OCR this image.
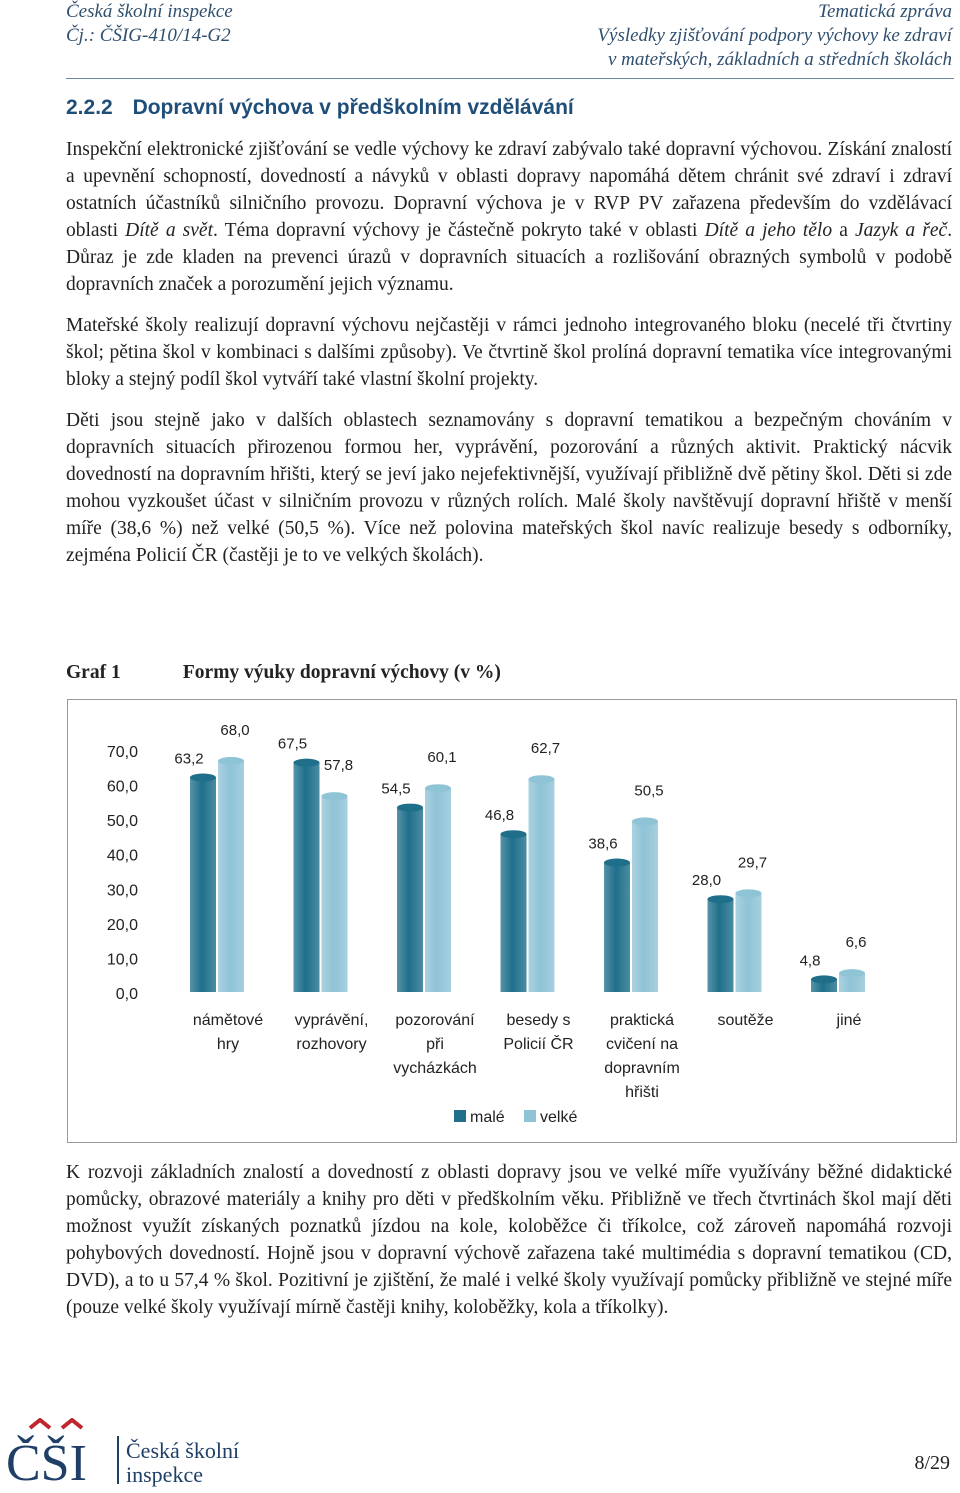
Česká školní inspekce
Čj.: ČŠIG-410/14-G2
Tematická zpráva
Výsledky zjišťování podpory výchovy ke zdraví
v mateřských, základních a středních školách
2.2.2 Dopravní výchova v předškolním vzdělávání

Inspekční elektronické zjišťování se vedle výchovy ke zdraví zabývalo také dopravní výchovou. Získání znalostí a upevnění schopností, dovedností a návyků v oblasti dopravy napomáhá dětem chránit své zdraví i zdraví ostatních účastníků silničního provozu. Dopravní výchova je v RVP PV zařazena především do vzdělávací oblasti Dítě a svět. Téma dopravní výchovy je částečně pokryto také v oblasti Dítě a jeho tělo a Jazyk a řeč. Důraz je zde kladen na prevenci úrazů v dopravních situacích a rozlišování obrazných symbolů v podobě dopravních značek a porozumění jejich významu.

Mateřské školy realizují dopravní výchovu nejčastěji v rámci jednoho integrovaného bloku (necelé tři čtvrtiny škol; pětina škol v kombinaci s dalšími způsoby). Ve čtvrtině škol prolíná dopravní tematika více integrovanými bloky a stejný podíl škol vytváří také vlastní školní projekty.

Děti jsou stejně jako v dalších oblastech seznamovány s dopravní tematikou a bezpečným chováním v dopravních situacích přirozenou formou her, vyprávění, pozorování a různých aktivit. Praktický nácvik dovedností na dopravním hřišti, který se jeví jako nejefektivnější, využívají přibližně dvě pětiny škol. Děti si zde mohou vyzkoušet účast v silničním provozu v různých rolích. Malé školy navštěvují dopravní hřiště v menší míře (38,6 %) než velké (50,5 %). Více než polovina mateřských škol navíc realizuje besedy s odborníky, zejména Policií ČR (častěji je to ve velkých školách).

Graf 1	Formy výuky dopravní výchovy (v %)
70,0
60,0
50,0
40,0
30,0
20,0
10,0
0,0
63,2
68,0
námětové
hry
67,5
57,8
vyprávění,
rozhovory
54,5
60,1
pozorování
při
vycházkách
46,8
62,7
besedy s
Policií ČR
38,6
50,5
praktická
cvičení na
dopravním
hřišti
28,0
29,7
soutěže
4,8
6,6
jiné
malé velké

K rozvoji základních znalostí a dovedností z oblasti dopravy jsou ve velké míře využívány běžné didaktické pomůcky, obrazové materiály a knihy pro děti v předškolním věku. Přibližně ve třech čtvrtinách škol mají děti možnost využít získaných poznatků jízdou na kole, koloběžce či tříkolce, což zároveň napomáhá rozvoji pohybových dovedností. Hojně jsou v dopravní výchově zařazena také multimédia s dopravní tematikou (CD, DVD), a to u 57,4 % škol. Pozitivní je zjištění, že malé i velké školy využívají pomůcky přibližně ve stejné míře (pouze velké školy využívají mírně častěji knihy, koloběžky, kola a tříkolky).

ČŠI Česká školní
inspekce	8/29
